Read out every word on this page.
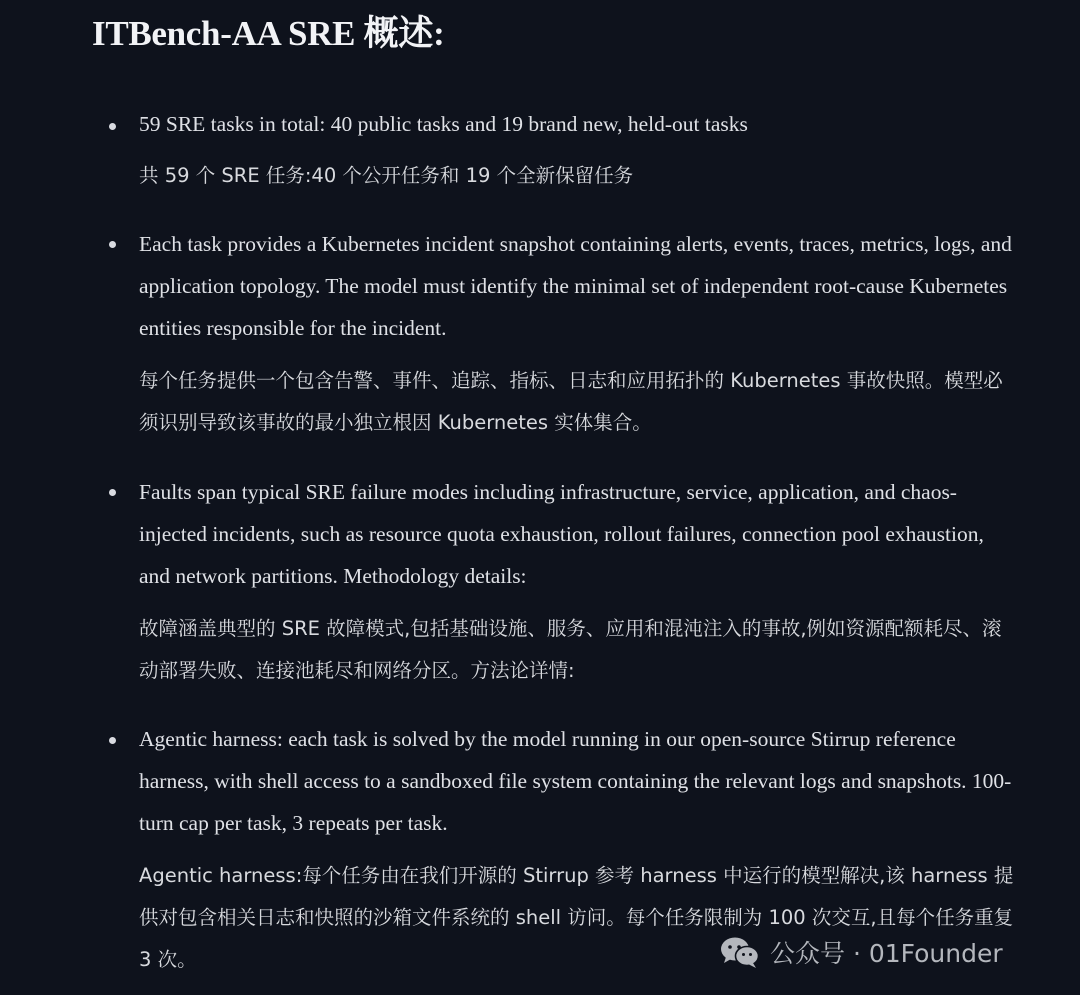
ITBench-AA SRE 概述:

59 SRE tasks in total: 40 public tasks and 19 brand new, held-out tasks

共 59 个 SRE 任务:40 个公开任务和 19 个全新保留任务

Each task provides a Kubernetes incident snapshot containing alerts, events, traces, metrics, logs, and application topology. The model must identify the minimal set of independent root-cause Kubernetes entities responsible for the incident.

每个任务提供一个包含告警、事件、追踪、指标、日志和应用拓扑的 Kubernetes 事故快照。模型必须识别导致该事故的最小独立根因 Kubernetes 实体集合。

Faults span typical SRE failure modes including infrastructure, service, application, and chaos-injected incidents, such as resource quota exhaustion, rollout failures, connection pool exhaustion, and network partitions. Methodology details:

故障涵盖典型的 SRE 故障模式,包括基础设施、服务、应用和混沌注入的事故,例如资源配额耗尽、滚动部署失败、连接池耗尽和网络分区。方法论详情:

Agentic harness: each task is solved by the model running in our open-source Stirrup reference harness, with shell access to a sandboxed file system containing the relevant logs and snapshots. 100-turn cap per task, 3 repeats per task.

Agentic harness:每个任务由在我们开源的 Stirrup 参考 harness 中运行的模型解决,该 harness 提供对包含相关日志和快照的沙箱文件系统的 shell 访问。每个任务限制为 100 次交互,且每个任务重复 3 次。	公众号 · 01Founder
